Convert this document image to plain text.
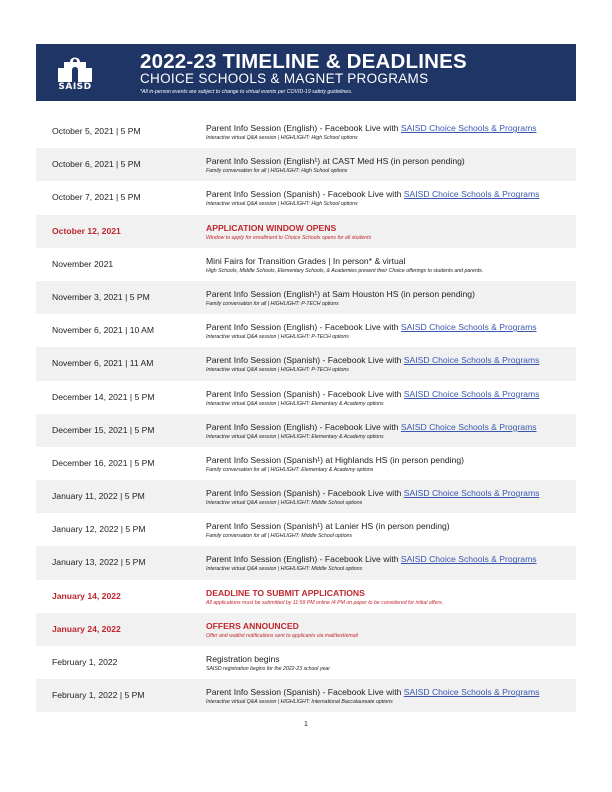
SAISD
2022-23 TIMELINE & DEADLINES
CHOICE SCHOOLS & MAGNET PROGRAMS
*All in-person events are subject to change to virtual events per COVID-19 safety guidelines.
October 5, 2021 | 5 PM	Parent Info Session (English) - Facebook Live with SAISD Choice Schools & Programs
Interactive virtual Q&A session | HIGHLIGHT: High School options
October 6, 2021 | 5 PM	Parent Info Session (English¹) at CAST Med HS (in person pending)
Family conversation for all | HIGHLIGHT: High School options
October 7, 2021 | 5 PM	Parent Info Session (Spanish) - Facebook Live with SAISD Choice Schools & Programs
Interactive virtual Q&A session | HIGHLIGHT: High School options
October 12, 2021	APPLICATION WINDOW OPENS
Window to apply for enrollment to Choice Schools opens for all students
November 2021	Mini Fairs for Transition Grades | In person* & virtual
High Schools, Middle Schools, Elementary Schools, & Academies present their Choice offerings to students and parents.
November 3, 2021 | 5 PM	Parent Info Session (English¹) at Sam Houston HS (in person pending)
Family conversation for all | HIGHLIGHT: P-TECH options
November 6, 2021 | 10 AM	Parent Info Session (English) - Facebook Live with SAISD Choice Schools & Programs
Interactive virtual Q&A session | HIGHLIGHT: P-TECH options
November 6, 2021 | 11 AM	Parent Info Session (Spanish) - Facebook Live with SAISD Choice Schools & Programs
Interactive virtual Q&A session | HIGHLIGHT: P-TECH options
December 14, 2021 | 5 PM	Parent Info Session (Spanish) - Facebook Live with SAISD Choice Schools & Programs
Interactive virtual Q&A session | HIGHLIGHT: Elementary & Academy options
December 15, 2021 | 5 PM	Parent Info Session (English) - Facebook Live with SAISD Choice Schools & Programs
Interactive virtual Q&A session | HIGHLIGHT: Elementary & Academy options
December 16, 2021 | 5 PM	Parent Info Session (Spanish¹) at Highlands HS (in person pending)
Family conversation for all | HIGHLIGHT: Elementary & Academy options
January 11, 2022 | 5 PM	Parent Info Session (Spanish) - Facebook Live with SAISD Choice Schools & Programs
Interactive virtual Q&A session | HIGHLIGHT: Middle School options
January 12, 2022 | 5 PM	Parent Info Session (Spanish¹) at Lanier HS (in person pending)
Family conversation for all | HIGHLIGHT: Middle School options
January 13, 2022 | 5 PM	Parent Info Session (English) - Facebook Live with SAISD Choice Schools & Programs
Interactive virtual Q&A session | HIGHLIGHT: Middle School options
January 14, 2022	DEADLINE TO SUBMIT APPLICATIONS
All applications must be submitted by 11:59 PM online /4 PM on paper to be considered for initial offers.
January 24, 2022	OFFERS ANNOUNCED
Offer and waitlist notifications sent to applicants via mail/text/email
February 1, 2022	Registration begins
SAISD registration begins for the 2022-23 school year
February 1, 2022 | 5 PM	Parent Info Session (Spanish) - Facebook Live with SAISD Choice Schools & Programs
Interactive virtual Q&A session | HIGHLIGHT: International Baccalaureate options
1
